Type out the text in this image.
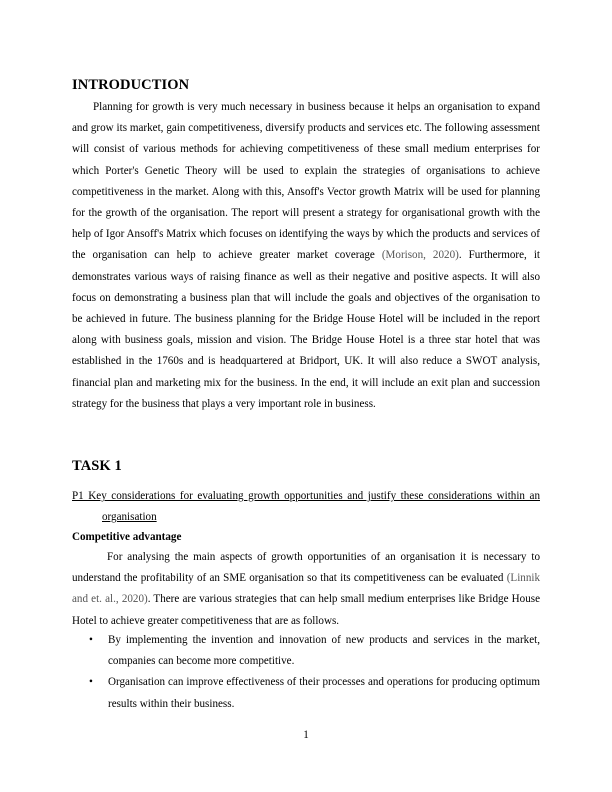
INTRODUCTION

Planning for growth is very much necessary in business because it helps an organisation to expand and grow its market, gain competitiveness, diversify products and services etc. The following assessment will consist of various methods for achieving competitiveness of these small medium enterprises for which Porter's Genetic Theory will be used to explain the strategies of organisations to achieve competitiveness in the market. Along with this, Ansoff's Vector growth Matrix will be used for planning for the growth of the organisation. The report will present a strategy for organisational growth with the help of Igor Ansoff's Matrix which focuses on identifying the ways by which the products and services of the organisation can help to achieve greater market coverage (Morison, 2020). Furthermore, it demonstrates various ways of raising finance as well as their negative and positive aspects. It will also focus on demonstrating a business plan that will include the goals and objectives of the organisation to be achieved in future. The business planning for the Bridge House Hotel will be included in the report along with business goals, mission and vision. The Bridge House Hotel is a three star hotel that was established in the 1760s and is headquartered at Bridport, UK. It will also reduce a SWOT analysis, financial plan and marketing mix for the business. In the end, it will include an exit plan and succession strategy for the business that plays a very important role in business.

TASK 1

P1 Key considerations for evaluating growth opportunities and justify these considerations within an organisation

Competitive advantage

For analysing the main aspects of growth opportunities of an organisation it is necessary to understand the profitability of an SME organisation so that its competitiveness can be evaluated (Linnik and et. al., 2020). There are various strategies that can help small medium enterprises like Bridge House Hotel to achieve greater competitiveness that are as follows.

• By implementing the invention and innovation of new products and services in the market, companies can become more competitive.
• Organisation can improve effectiveness of their processes and operations for producing optimum results within their business.
1
